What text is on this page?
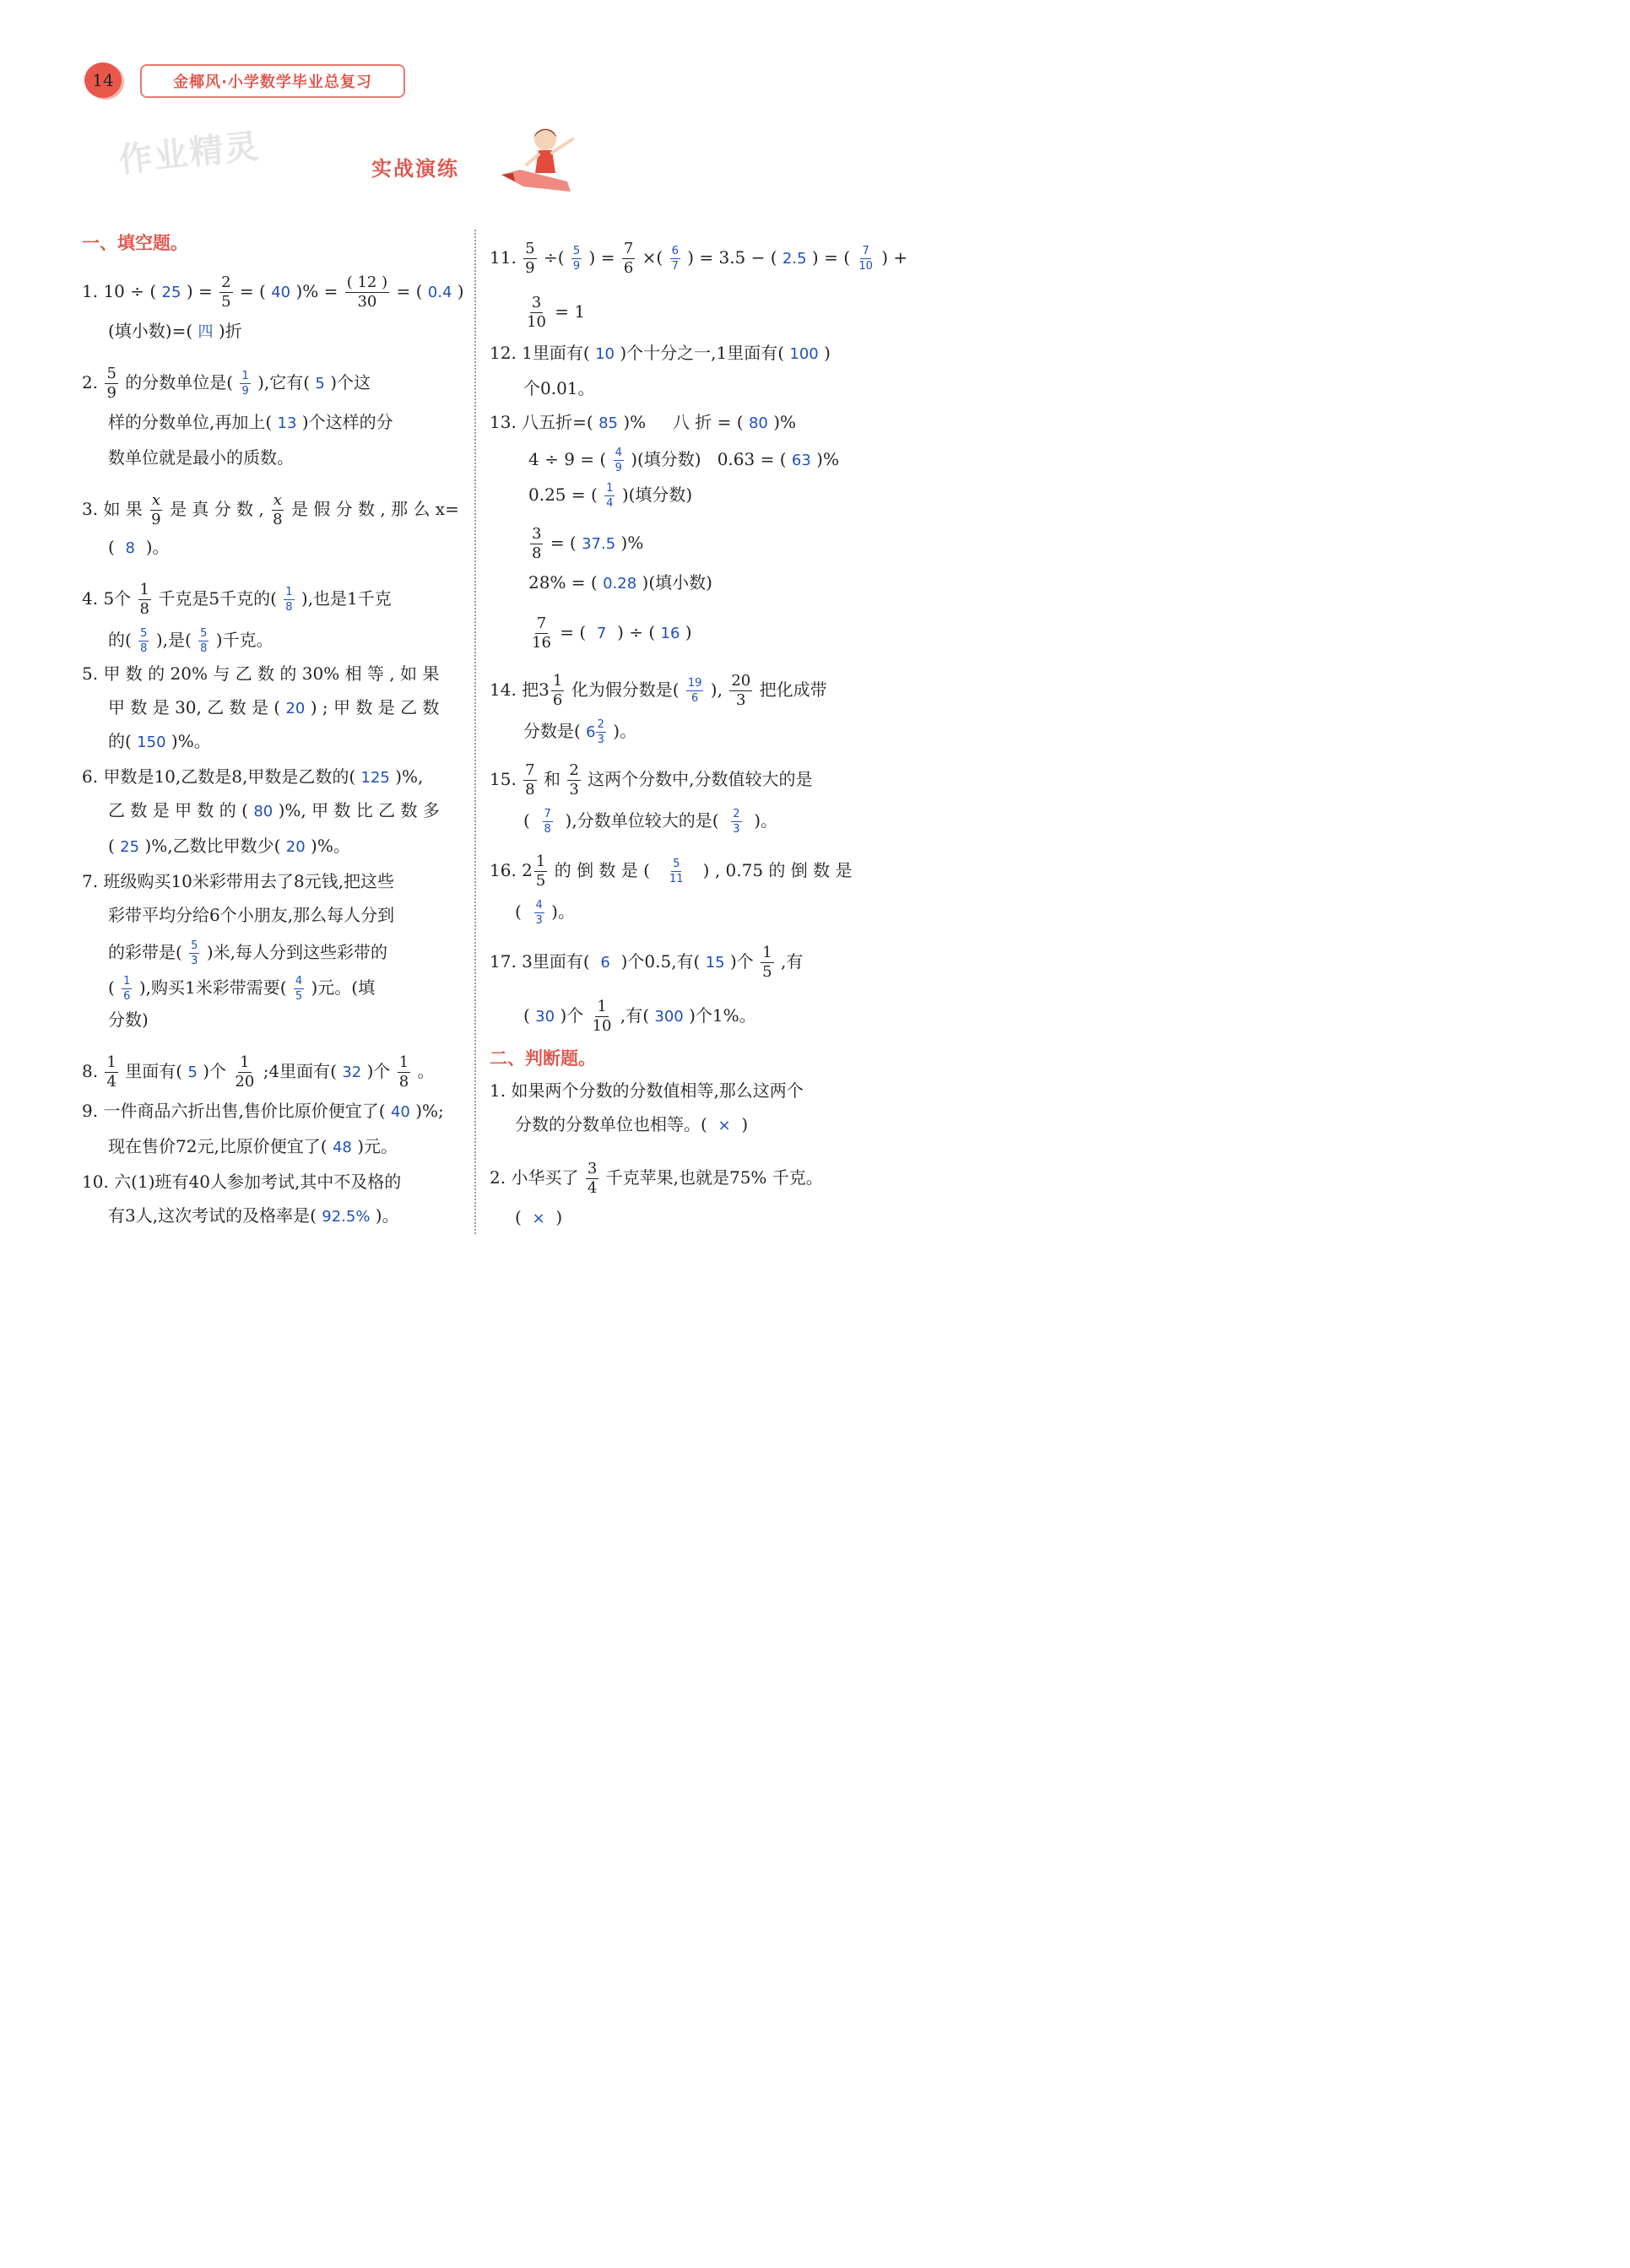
14	金椰风·小学数学毕业总复习
作业精灵	实战演练
一、填空题。
1. 10 ÷ ( 25 ) = $\frac{2}{5}$ = ( 40 )% = $\frac{( 12 )}{30}$ = ( 0.4 )
(填小数)=( 四 )折
2. $\frac{5}{9}$ 的分数单位是( $\frac{1}{9}$ ),它有( 5 )个这
样的分数单位,再加上( 13 )个这样的分
数单位就是最小的质数。
3. 如 果 $\frac{x}{9}$ 是 真 分 数 , $\frac{x}{8}$ 是 假 分 数 , 那 么 x=
( 8 )。
4. 5个 $\frac{1}{8}$ 千克是5千克的( $\frac{1}{8}$ ),也是1千克
的( $\frac{5}{8}$ ),是( $\frac{5}{8}$ )千克。
5. 甲 数 的 20% 与 乙 数 的 30% 相 等 , 如 果
甲 数 是 30, 乙 数 是 ( 20 ) ; 甲 数 是 乙 数
的( 150 )%。
6. 甲数是10,乙数是8,甲数是乙数的( 125 )%,
乙 数 是 甲 数 的 ( 80 )%, 甲 数 比 乙 数 多
( 25 )%,乙数比甲数少( 20 )%。
7. 班级购买10米彩带用去了8元钱,把这些
彩带平均分给6个小朋友,那么每人分到
的彩带是( $\frac{5}{3}$ )米,每人分到这些彩带的
( $\frac{1}{6}$ ),购买1米彩带需要( $\frac{4}{5}$ )元。(填
分数)
8. $\frac{1}{4}$ 里面有( 5 )个 $\frac{1}{20}$ ;4里面有( 32 )个 $\frac{1}{8}$ 。
9. 一件商品六折出售,售价比原价便宜了( 40 )%;
现在售价72元,比原价便宜了( 48 )元。
10. 六(1)班有40人参加考试,其中不及格的
有3人,这次考试的及格率是( 92.5% )。
11. $\frac{5}{9}$ ÷( $\frac{5}{9}$ ) = $\frac{7}{6}$ ×( $\frac{6}{7}$ ) = 3.5 − ( 2.5 ) = ( $\frac{7}{10}$ ) +
$\frac{3}{10} = 1$
12. 1里面有( 10 )个十分之一,1里面有( 100 )
个0.01。
13. 八五折=( 85 )% 八 折 = ( 80 )%
4 ÷ 9 = ( $\frac{4}{9}$ )(填分数) 0.63 = ( 63 )%
0.25 = ( $\frac{1}{4}$ )(填分数)
$\frac{3}{8}$ = ( 37.5 )%
28% = ( 0.28 )(填小数)
$\frac{7}{16}$ = ( 7 ) ÷ ( 16 )
14. 把$3 \frac{1}{6}$ 化为假分数是( $\frac{19}{6}$ ), $\frac{20}{3}$ 把化成带
分数是( $6 \frac{2}{3}$ )。
15. $\frac{7}{8}$ 和 $\frac{2}{3}$ 这两个分数中,分数值较大的是
( $\frac{7}{8}$ ),分数单位较大的是( $\frac{2}{3}$ )。
16. $2 \frac{1}{5}$ 的 倒 数 是 ( $\frac{5}{11}$ ) , 0.75 的 倒 数 是
( $\frac{4}{3}$ )。
17. 3里面有( 6 )个0.5,有( 15 )个 $\frac{1}{5}$ ,有
( 30 )个 $\frac{1}{10}$ ,有( 300 )个1%。
二、判断题。
1. 如果两个分数的分数值相等,那么这两个
分数的分数单位也相等。( × )
2. 小华买了 $\frac{3}{4}$ 千克苹果,也就是75% 千克。
( × )
